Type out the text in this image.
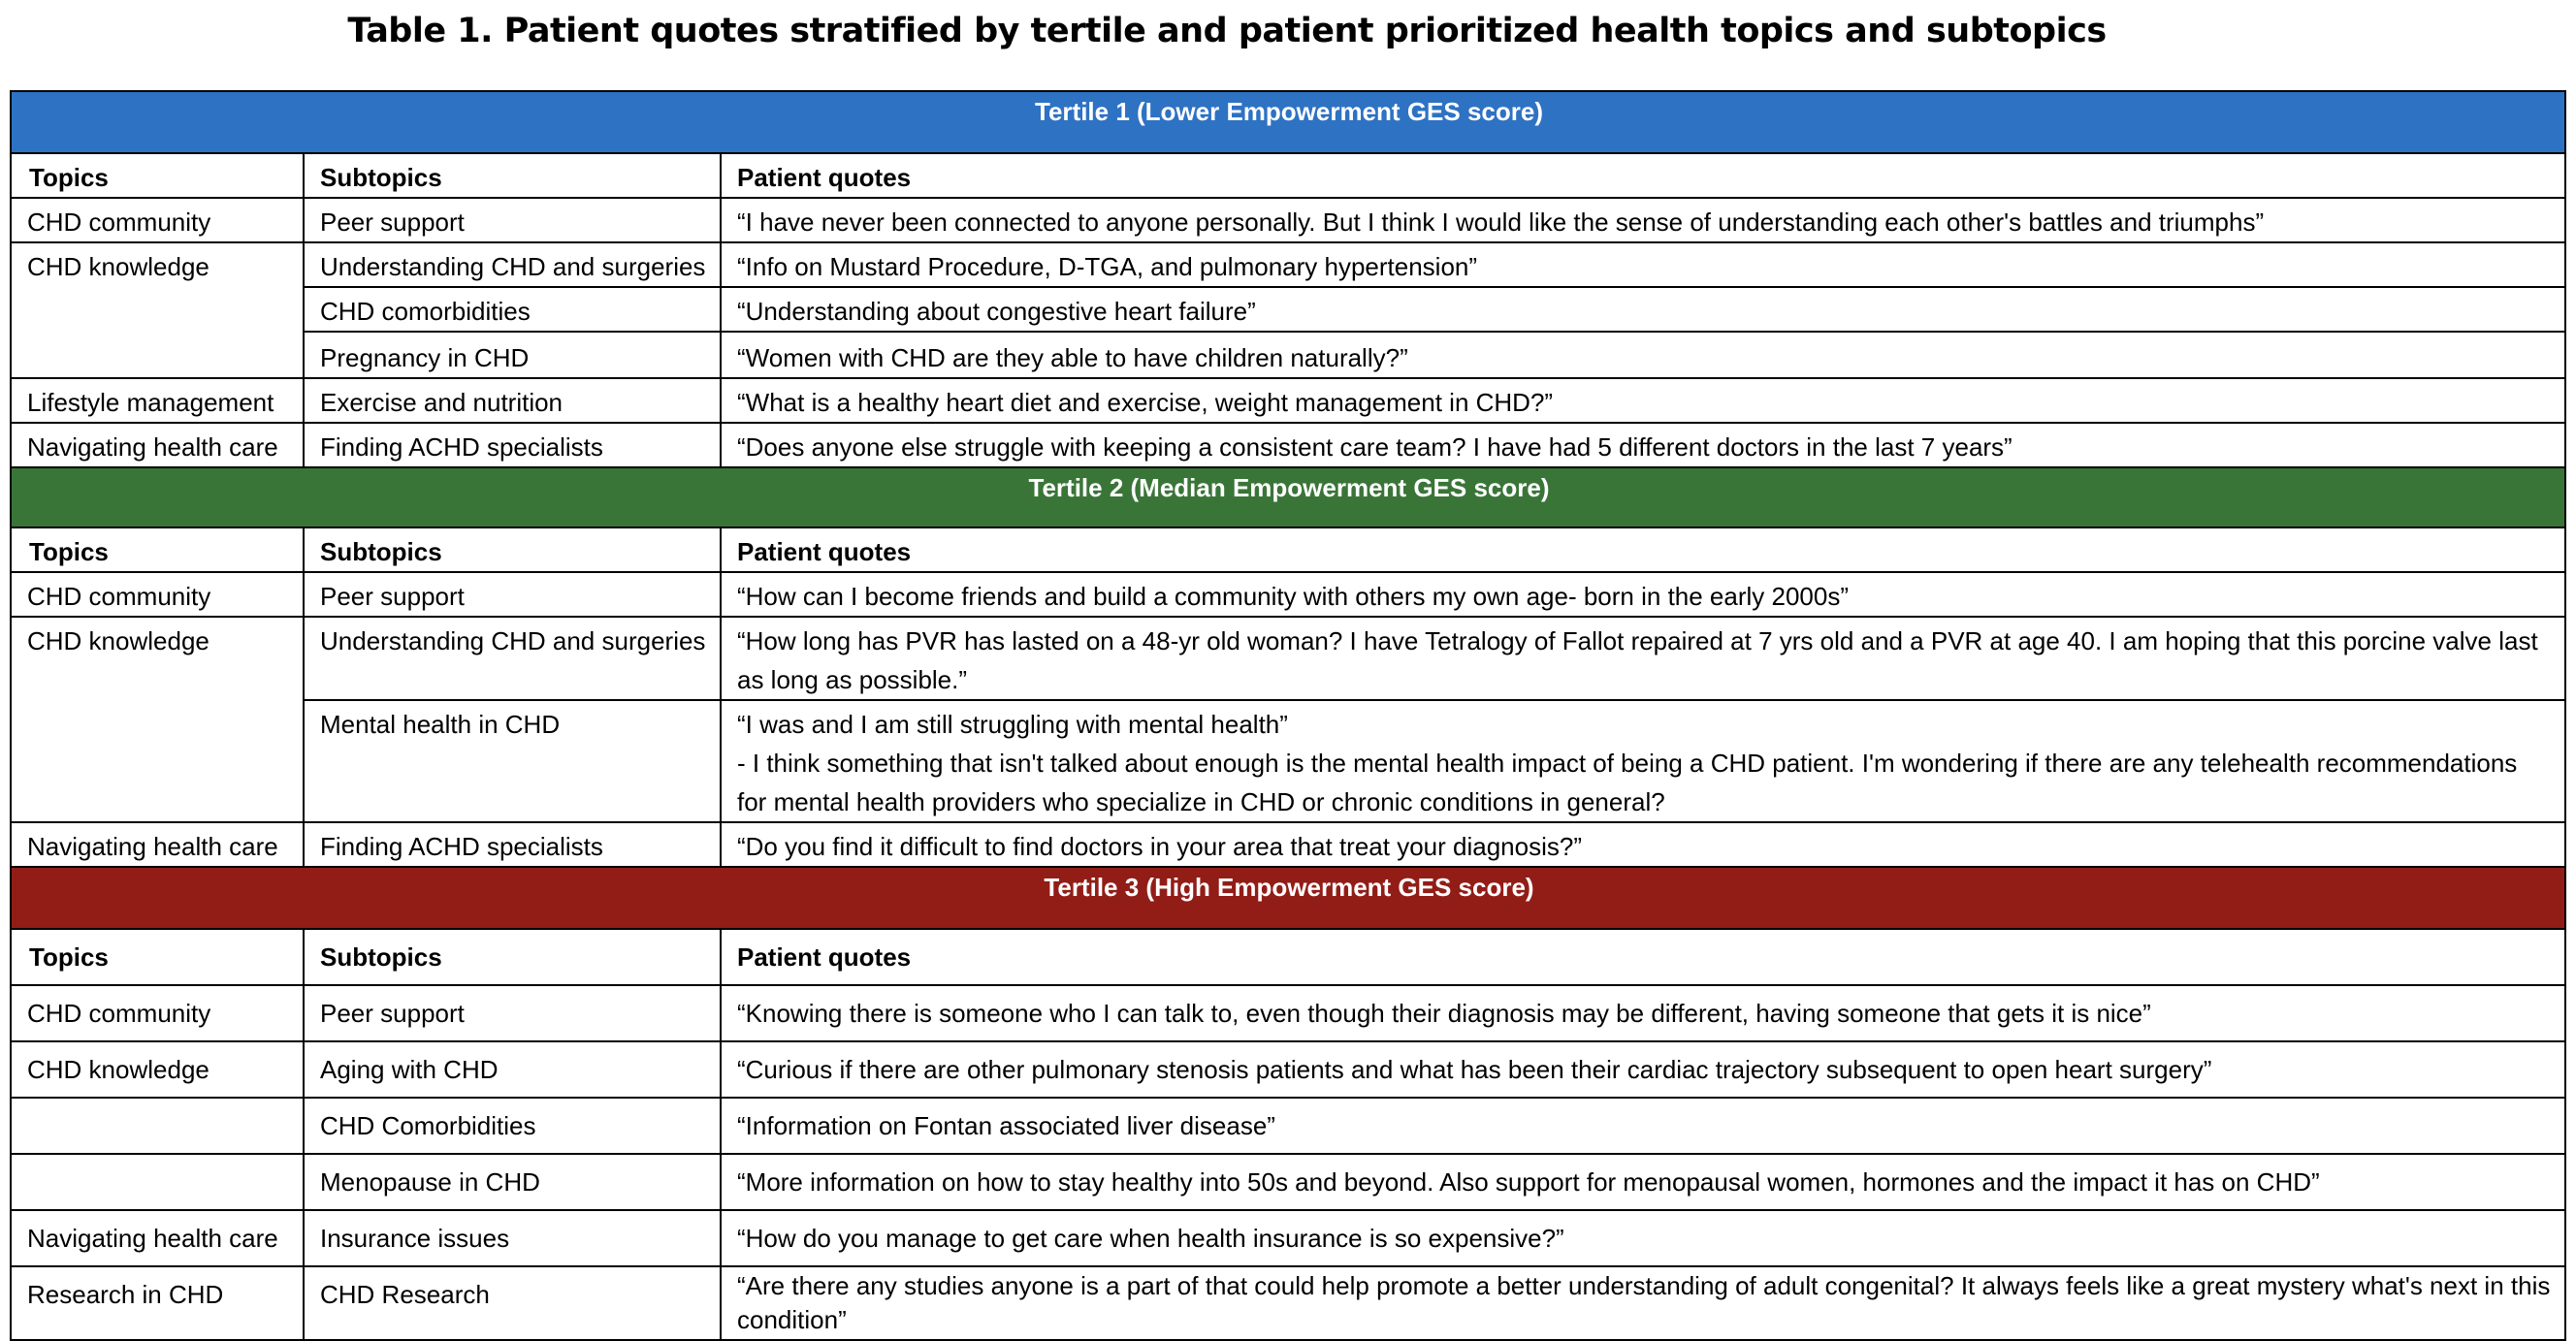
Table 1. Patient quotes stratified by tertile and patient prioritized health topics and subtopics
Tertile 1 (Lower Empowerment GES score)		
Topics	Subtopics	Patient quotes
CHD community	Peer support	“I have never been connected to anyone personally. But I think I would like the sense of understanding each other's battles and triumphs”
CHD knowledge	Understanding CHD and surgeries	“Info on Mustard Procedure, D-TGA, and pulmonary hypertension”
	CHD comorbidities	“Understanding about congestive heart failure”
	Pregnancy in CHD	“Women with CHD are they able to have children naturally?”
Lifestyle management	Exercise and nutrition	“What is a healthy heart diet and exercise, weight management in CHD?”
Navigating health care	Finding ACHD specialists	“Does anyone else struggle with keeping a consistent care team? I have had 5 different doctors in the last 7 years”
Tertile 2 (Median Empowerment GES score)		
Topics	Subtopics	Patient quotes
CHD community	Peer support	“How can I become friends and build a community with others my own age- born in the early 2000s”
CHD knowledge	Understanding CHD and surgeries	“How long has PVR has lasted on a 48-yr old woman? I have Tetralogy of Fallot repaired at 7 yrs old and a PVR at age 40. I am hoping that this porcine valve last as long as possible.”
	Mental health in CHD	“I was and I am still struggling with mental health”
- I think something that isn't talked about enough is the mental health impact of being a CHD patient. I'm wondering if there are any telehealth recommendations for mental health providers who specialize in CHD or chronic conditions in general?

Navigating health care	Finding ACHD specialists	“Do you find it difficult to find doctors in your area that treat your diagnosis?”
Tertile 3 (High Empowerment GES score)		
Topics	Subtopics	Patient quotes
CHD community	Peer support	“Knowing there is someone who I can talk to, even though their diagnosis may be different, having someone that gets it is nice”
CHD knowledge	Aging with CHD	“Curious if there are other pulmonary stenosis patients and what has been their cardiac trajectory subsequent to open heart surgery”
	CHD Comorbidities	“Information on Fontan associated liver disease”
	Menopause in CHD	“More information on how to stay healthy into 50s and beyond. Also support for menopausal women, hormones and the impact it has on CHD”
Navigating health care	Insurance issues	“How do you manage to get care when health insurance is so expensive?”
Research in CHD	CHD Research	“Are there any studies anyone is a part of that could help promote a better understanding of adult congenital? It always feels like a great mystery what's next in this condition”
